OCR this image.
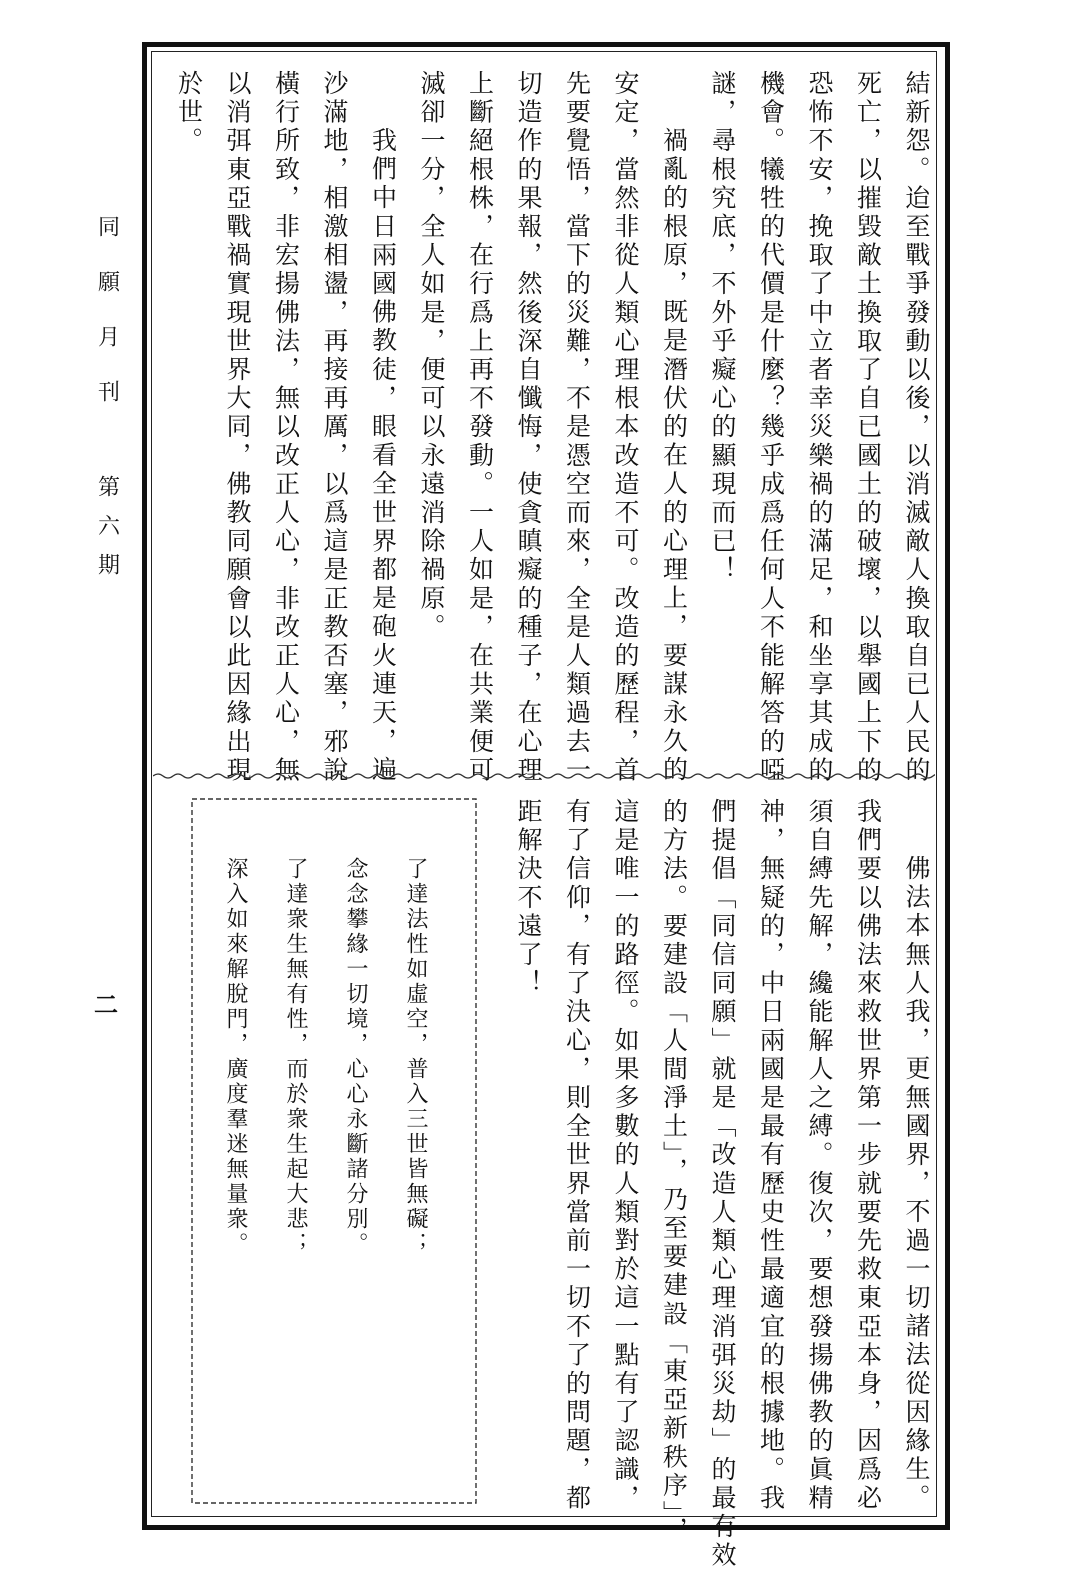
同願月刊
第六期
二
結新怨。迨至戰爭發動以後，以消滅敵人換取自已人民的
死亡，以摧毀敵土換取了自已國土的破壞，以舉國上下的
恐怖不安，挽取了中立者幸災樂禍的滿足，和坐享其成的
機會。犧牲的代價是什麼？幾乎成爲任何人不能解答的啞
謎，尋根究底，不外乎癡心的顯現而已！
禍亂的根原，既是潛伏的在人的心理上，要謀永久的
安定，當然非從人類心理根本改造不可。改造的歷程，首
先要覺悟，當下的災難，不是憑空而來，全是人類過去一
切造作的果報，然後深自懺悔，使貪瞋癡的種子，在心理
上斷絕根株，在行爲上再不發動。一人如是，在共業便可
滅卻一分，全人如是，便可以永遠消除禍原。
我們中日兩國佛教徒，眼看全世界都是砲火連天，遍
沙滿地，相激相盪，再接再厲，以爲這是正教否塞，邪說
橫行所致，非宏揚佛法，無以改正人心，非改正人心，無
以消弭東亞戰禍實現世界大同，佛教同願會以此因緣出現
於世。
佛法本無人我，更無國界，不過一切諸法從因緣生。
我們要以佛法來救世界第一步就要先救東亞本身，因爲必
須自縛先解，纔能解人之縛。復次，要想發揚佛教的眞精
神，無疑的，中日兩國是最有歷史性最適宜的根據地。我
們提倡「同信同願」就是「改造人類心理消弭災劫」的最有效
的方法。要建設「人間淨土」，乃至要建設「東亞新秩序」，
這是唯一的路徑。如果多數的人類對於這一點有了認識，
有了信仰，有了決心，則全世界當前一切不了的問題，都
距解決不遠了！
了達法性如虛空，普入三世皆無礙；
念念攀緣一切境，心心永斷諸分別。
了達衆生無有性，而於衆生起大悲；
深入如來解脫門，廣度羣迷無量衆。
